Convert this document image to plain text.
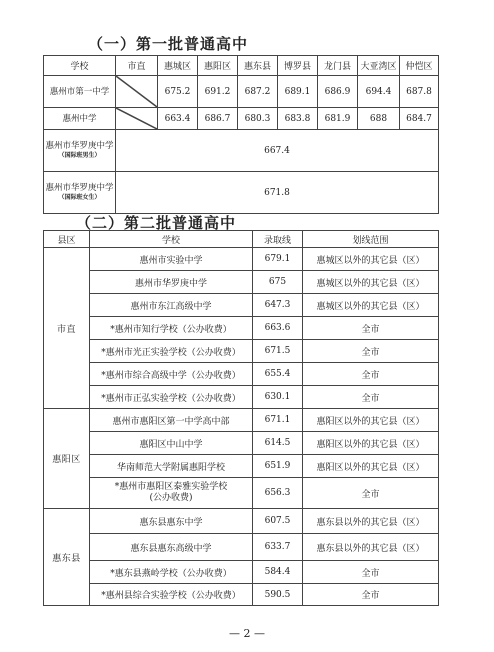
（一）第一批普通高中
学校	市直	惠城区	惠阳区	惠东县	博罗县	龙门县	大亚湾区	仲恺区
惠州市第一中学		675.2	691.2	687.2	689.1	686.9	694.4	687.8
惠州中学		663.4	686.7	680.3	683.8	681.9	688	684.7
惠州市华罗庚中学
（国际班男生）	667.4							
惠州市华罗庚中学
（国际班女生）	671.8							
（二）第二批普通高中
县区	学校	录取线	划线范围
市直	惠州市实验中学	679.1	惠城区以外的其它县（区）
	惠州市华罗庚中学	675	惠城区以外的其它县（区）
	惠州市东江高级中学	647.3	惠城区以外的其它县（区）
	*惠州市知行学校（公办收费）	663.6	全市
	*惠州市光正实验学校（公办收费）	671.5	全市
	*惠州市综合高级中学（公办收费）	655.4	全市
	*惠州市正弘实验学校（公办收费）	630.1	全市
惠阳区	惠州市惠阳区第一中学高中部	671.1	惠阳区以外的其它县（区）
	惠阳区中山中学	614.5	惠阳区以外的其它县（区）
	华南师范大学附属惠阳学校	651.9	惠阳区以外的其它县（区）
	*惠州市惠阳区泰雅实验学校
(公办收费)	656.3	全市
惠东县	惠东县惠东中学	607.5	惠东县以外的其它县（区）
	惠东县惠东高级中学	633.7	惠东县以外的其它县（区）
	*惠东县燕岭学校（公办收费）	584.4	全市
	*惠州县综合实验学校（公办收费）	590.5	全市
— 2 —
